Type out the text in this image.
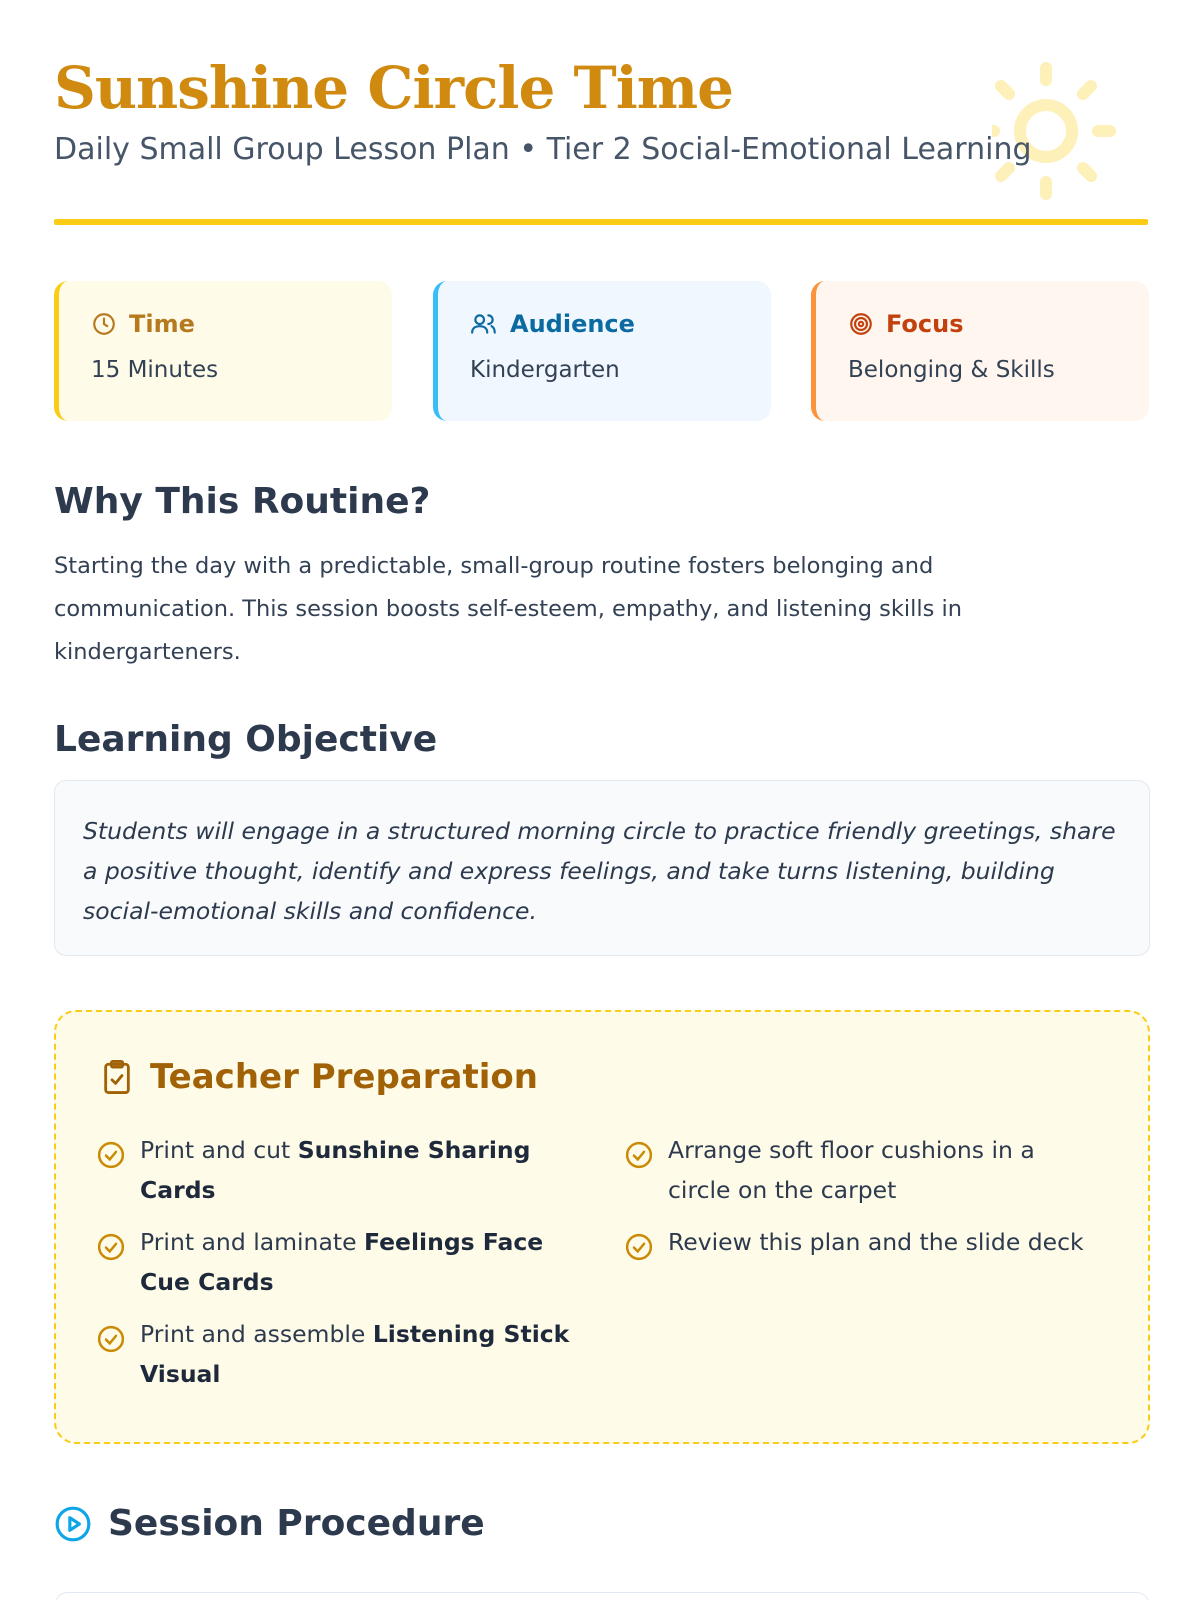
Sunshine Circle Time
Daily Small Group Lesson Plan • Tier 2 Social-Emotional Learning
Time
15 Minutes
Audience
Kindergarten
Focus
Belonging & Skills
Why This Routine?
Starting the day with a predictable, small-group routine fosters belonging and
communication. This session boosts self-esteem, empathy, and listening skills in
kindergarteners.
Learning Objective
Students will engage in a structured morning circle to practice friendly greetings, share
a positive thought, identify and express feelings, and take turns listening, building
social-emotional skills and confidence.
Teacher Preparation
Print and cut Sunshine Sharing
Cards
Print and laminate Feelings Face
Cue Cards
Print and assemble Listening Stick
Visual
Arrange soft floor cushions in a
circle on the carpet
Review this plan and the slide deck
Session Procedure
